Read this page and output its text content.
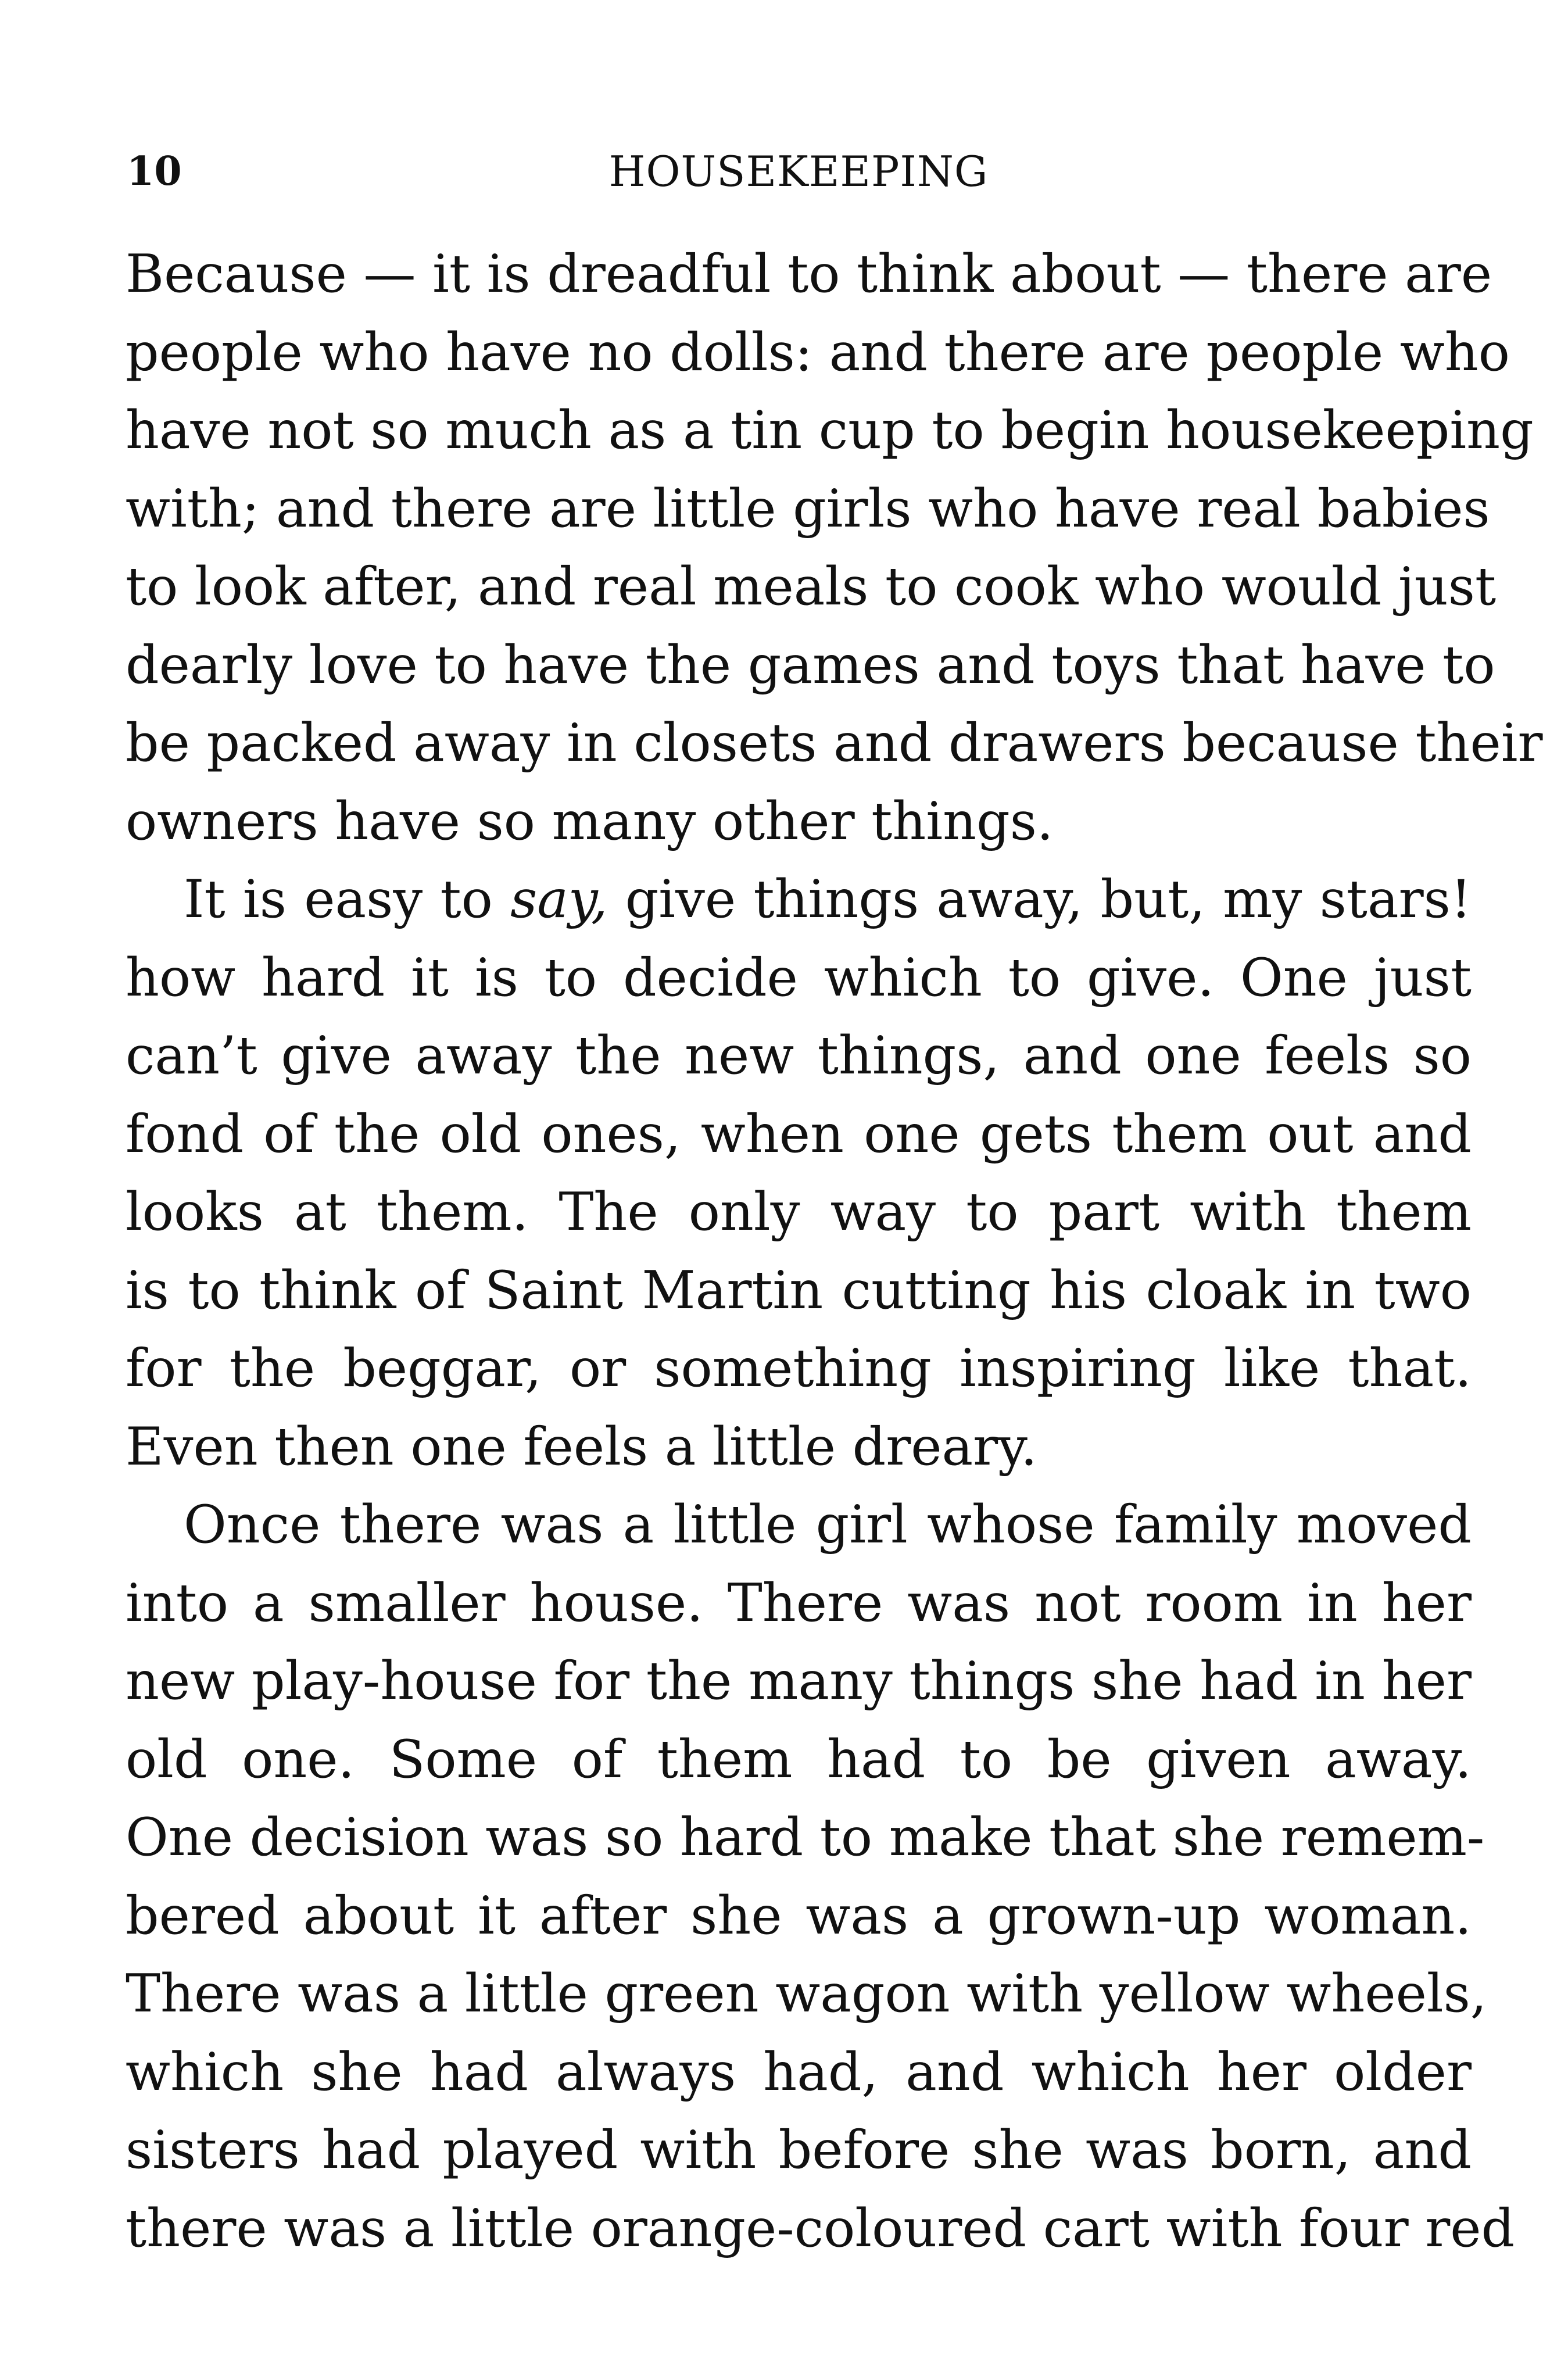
10	HOUSEKEEPING

Because — it is dreadful to think about — there are
people who have no dolls: and there are people who
have not so much as a tin cup to begin housekeeping
with; and there are little girls who have real babies
to look after, and real meals to cook who would just
dearly love to have the games and toys that have to
be packed away in closets and drawers because their
owners have so many other things.

It is easy to say, give things away, but, my stars!
how hard it is to decide which to give. One just
can’t give away the new things, and one feels so
fond of the old ones, when one gets them out and
looks at them. The only way to part with them
is to think of Saint Martin cutting his cloak in two
for the beggar, or something inspiring like that.
Even then one feels a little dreary.

Once there was a little girl whose family moved
into a smaller house. There was not room in her
new play-house for the many things she had in her
old one. Some of them had to be given away.
One decision was so hard to make that she remem-
bered about it after she was a grown-up woman.
There was a little green wagon with yellow wheels,
which she had always had, and which her older
sisters had played with before she was born, and
there was a little orange-coloured cart with four red
